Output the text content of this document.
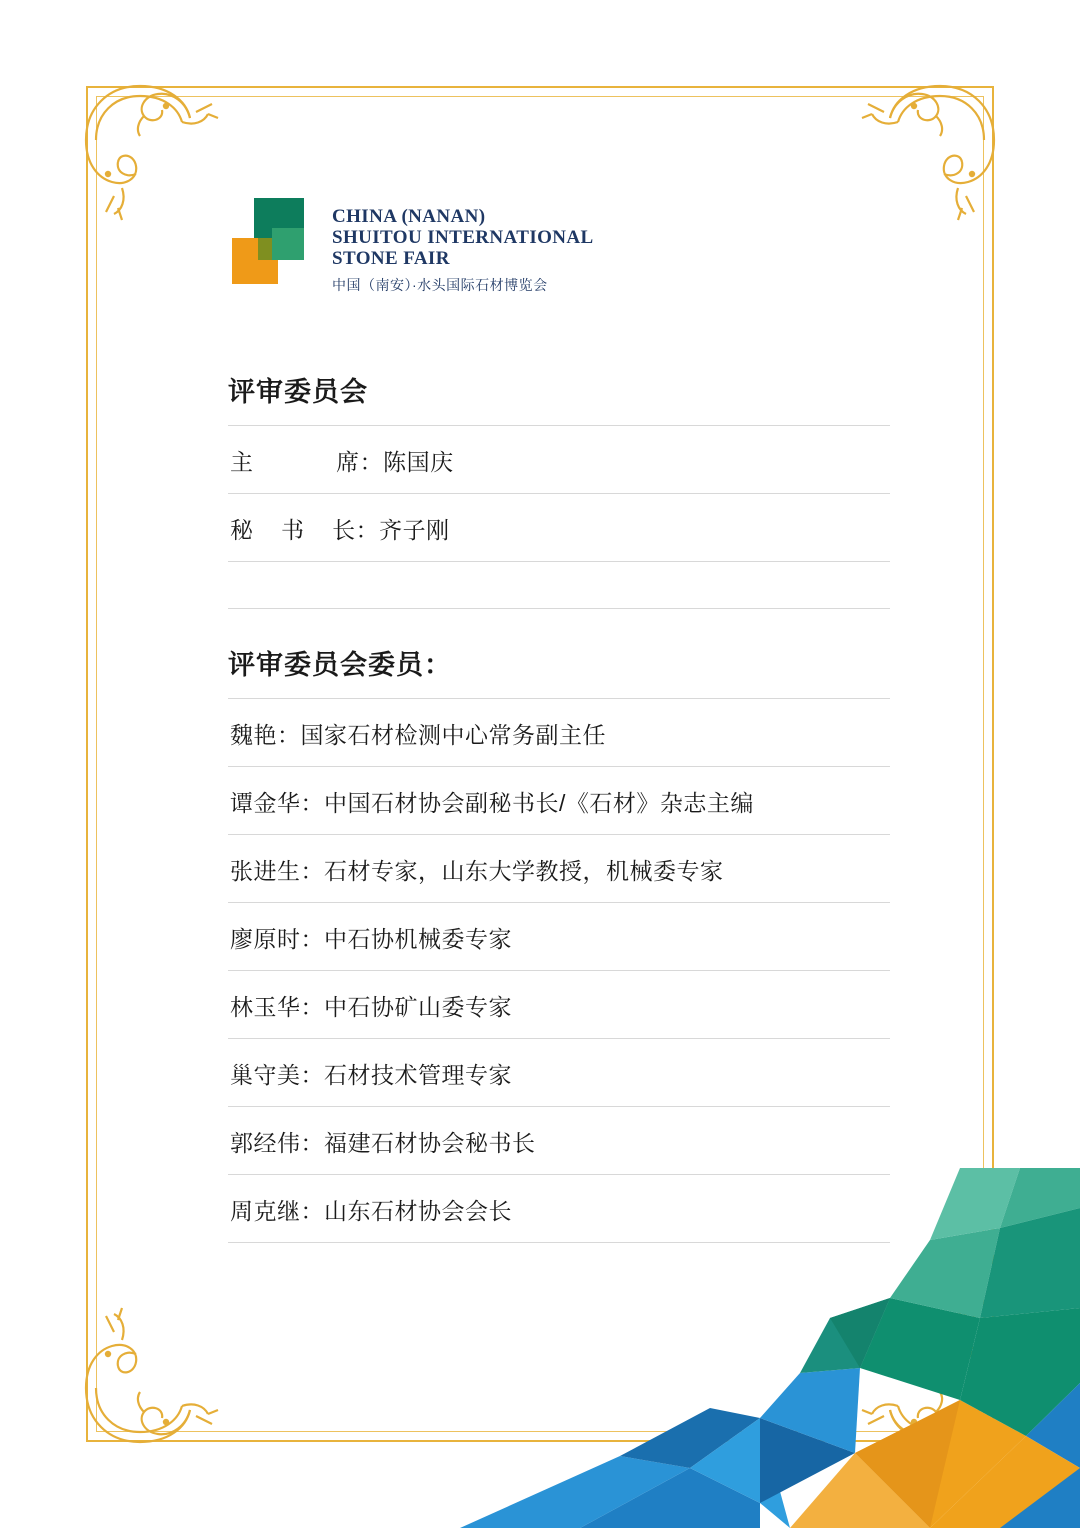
CHINA (NANAN)
SHUITOU INTERNATIONAL
STONE FAIR
中国（南安）·水头国际石材博览会
评审委员会
主            席：陈国庆
秘    书    长：齐子刚
评审委员会委员：
魏艳：国家石材检测中心常务副主任
谭金华：中国石材协会副秘书长/《石材》杂志主编
张进生：石材专家，山东大学教授，机械委专家
廖原时：中石协机械委专家
林玉华：中石协矿山委专家
巢守美：石材技术管理专家
郭经伟：福建石材协会秘书长
周克继：山东石材协会会长
